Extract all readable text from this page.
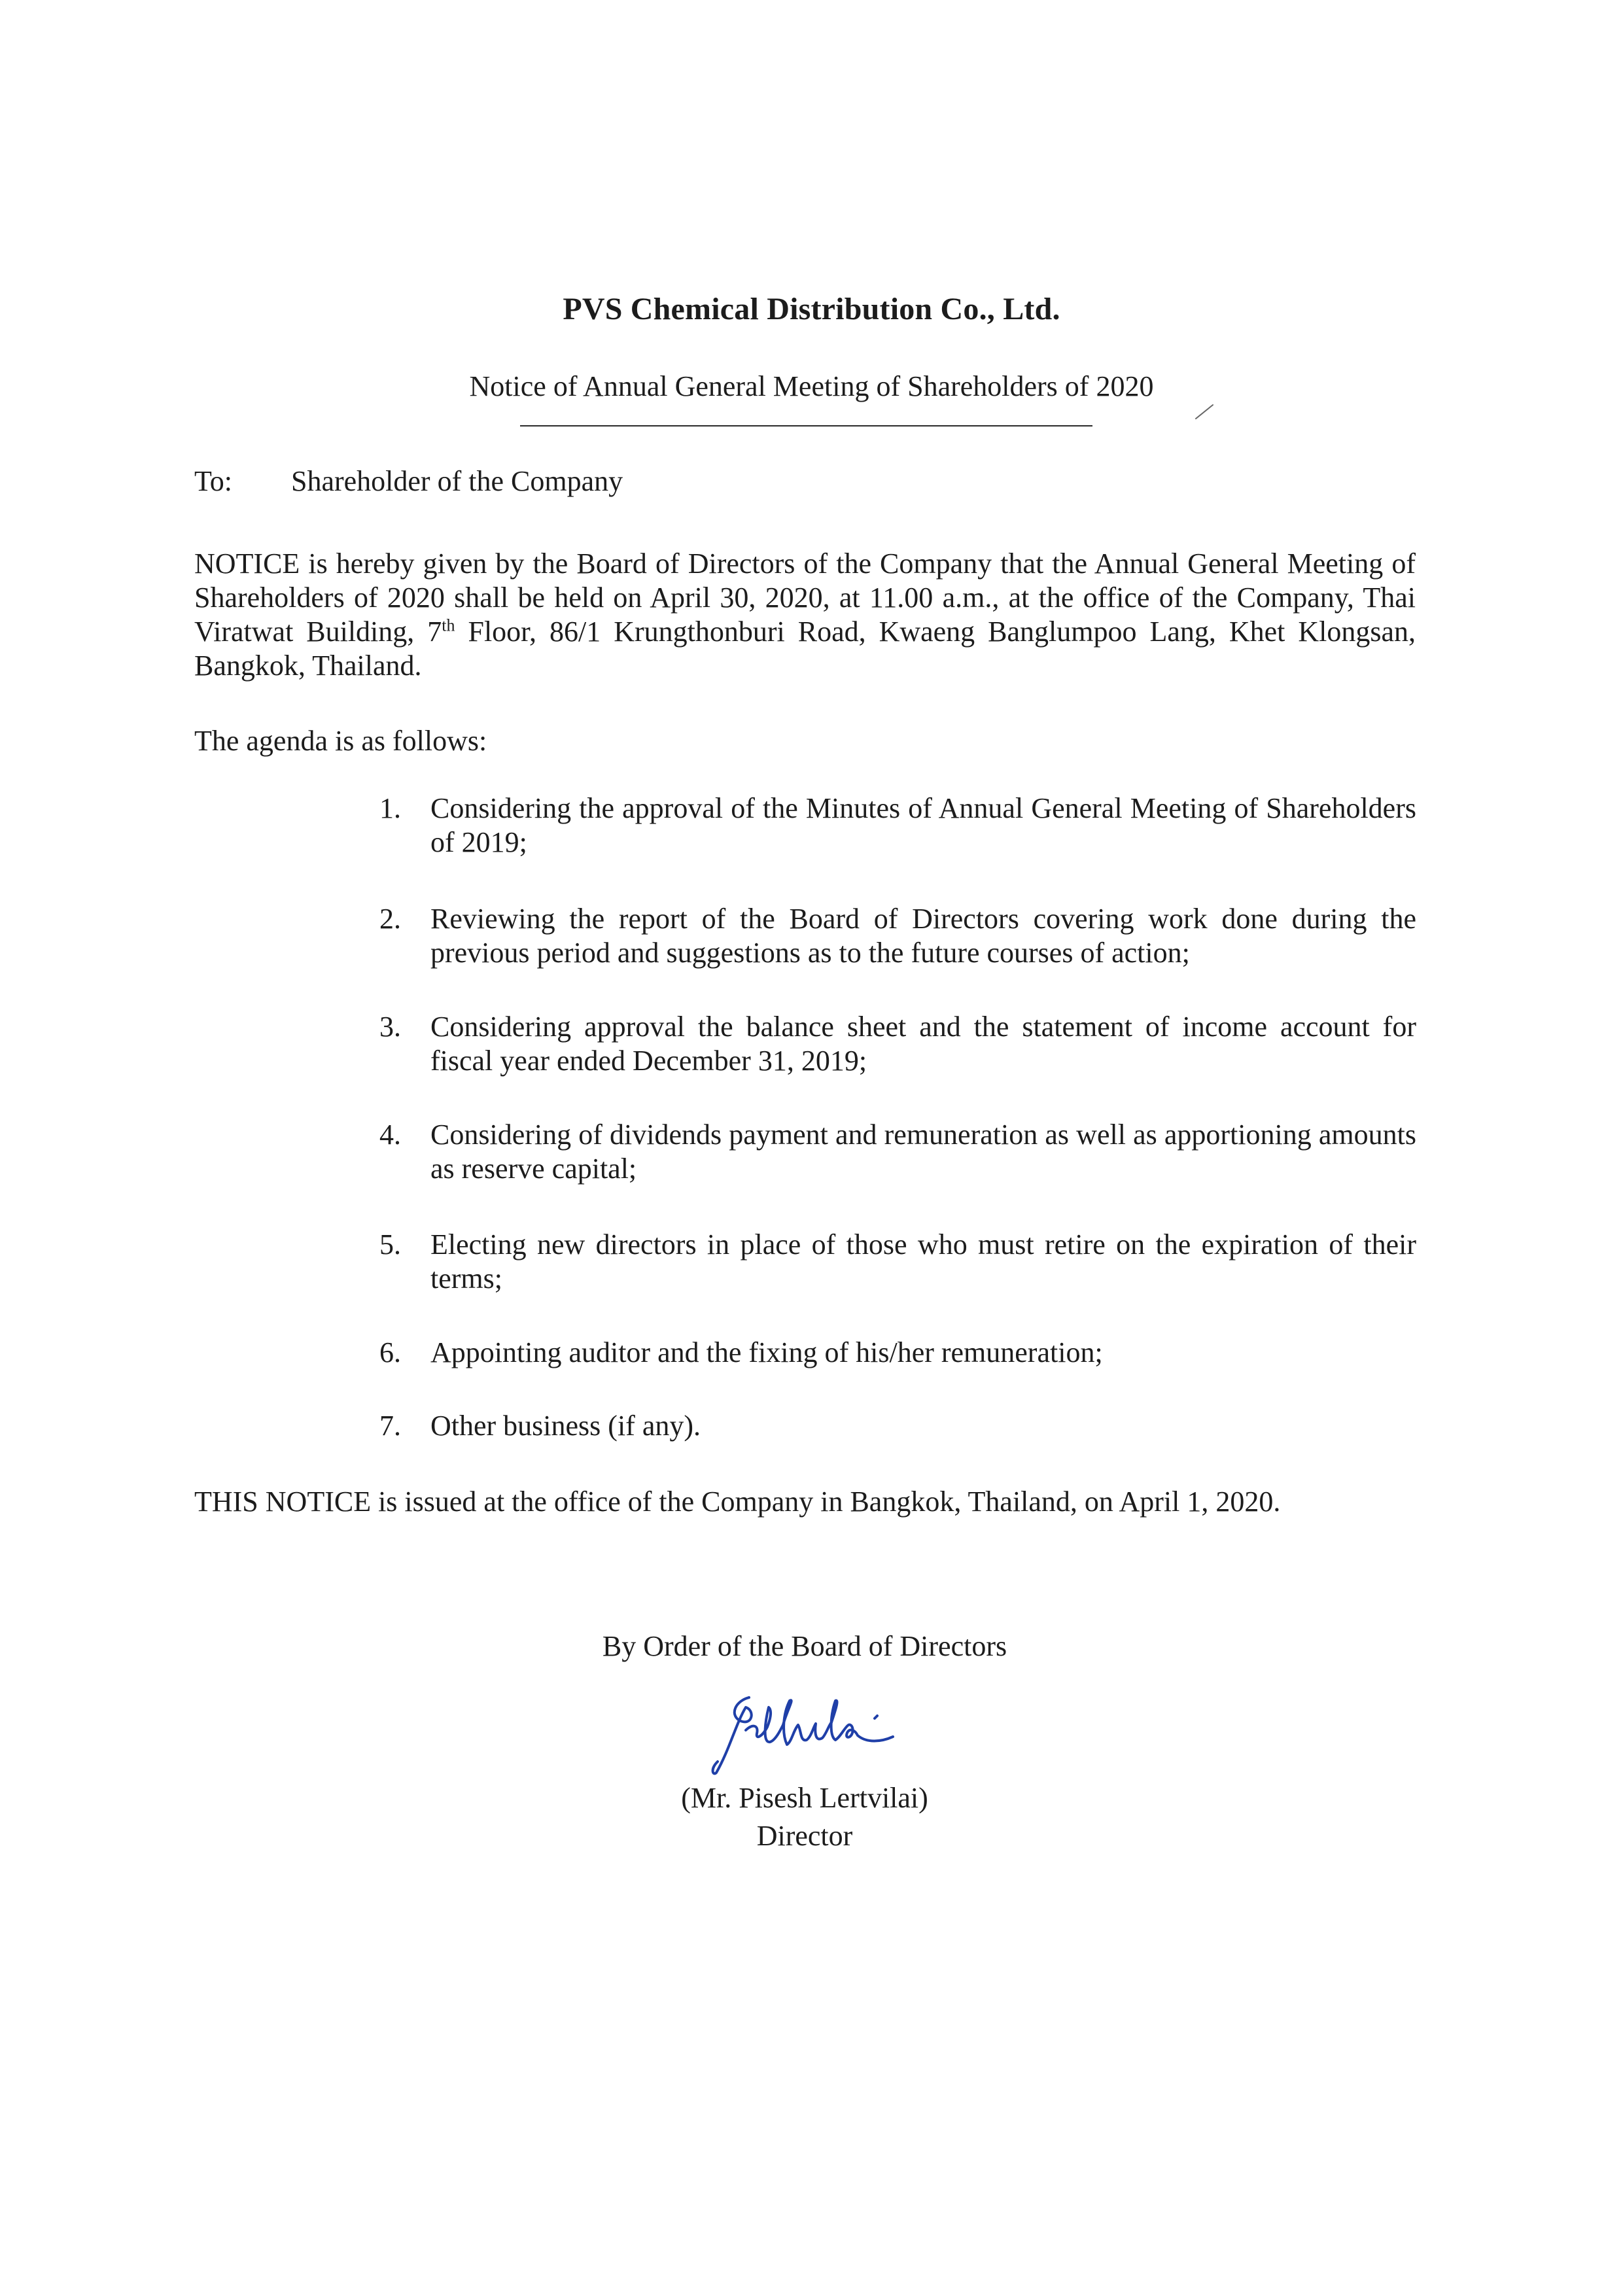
PVS Chemical Distribution Co., Ltd.
Notice of Annual General Meeting of Shareholders of 2020
To: Shareholder of the Company
NOTICE is hereby given by the Board of Directors of the Company that the Annual General Meeting of Shareholders of 2020 shall be held on April 30, 2020, at 11.00 a.m., at the office of the Company, Thai Viratwat Building, 7th Floor, 86/1 Krungthonburi Road, Kwaeng Banglumpoo Lang, Khet Klongsan, Bangkok, Thailand.
The agenda is as follows:
1.	Considering the approval of the Minutes of Annual General Meeting of Shareholders of 2019;
2.	Reviewing the report of the Board of Directors covering work done during the previous period and suggestions as to the future courses of action;
3.	Considering approval the balance sheet and the statement of income account for fiscal year ended December 31, 2019;
4.	Considering of dividends payment and remuneration as well as apportioning amounts as reserve capital;
5.	Electing new directors in place of those who must retire on the expiration of their terms;
6.	Appointing auditor and the fixing of his/her remuneration;
7.	Other business (if any).
THIS NOTICE is issued at the office of the Company in Bangkok, Thailand, on April 1, 2020.
By Order of the Board of Directors
(Mr. Pisesh Lertvilai)
Director
